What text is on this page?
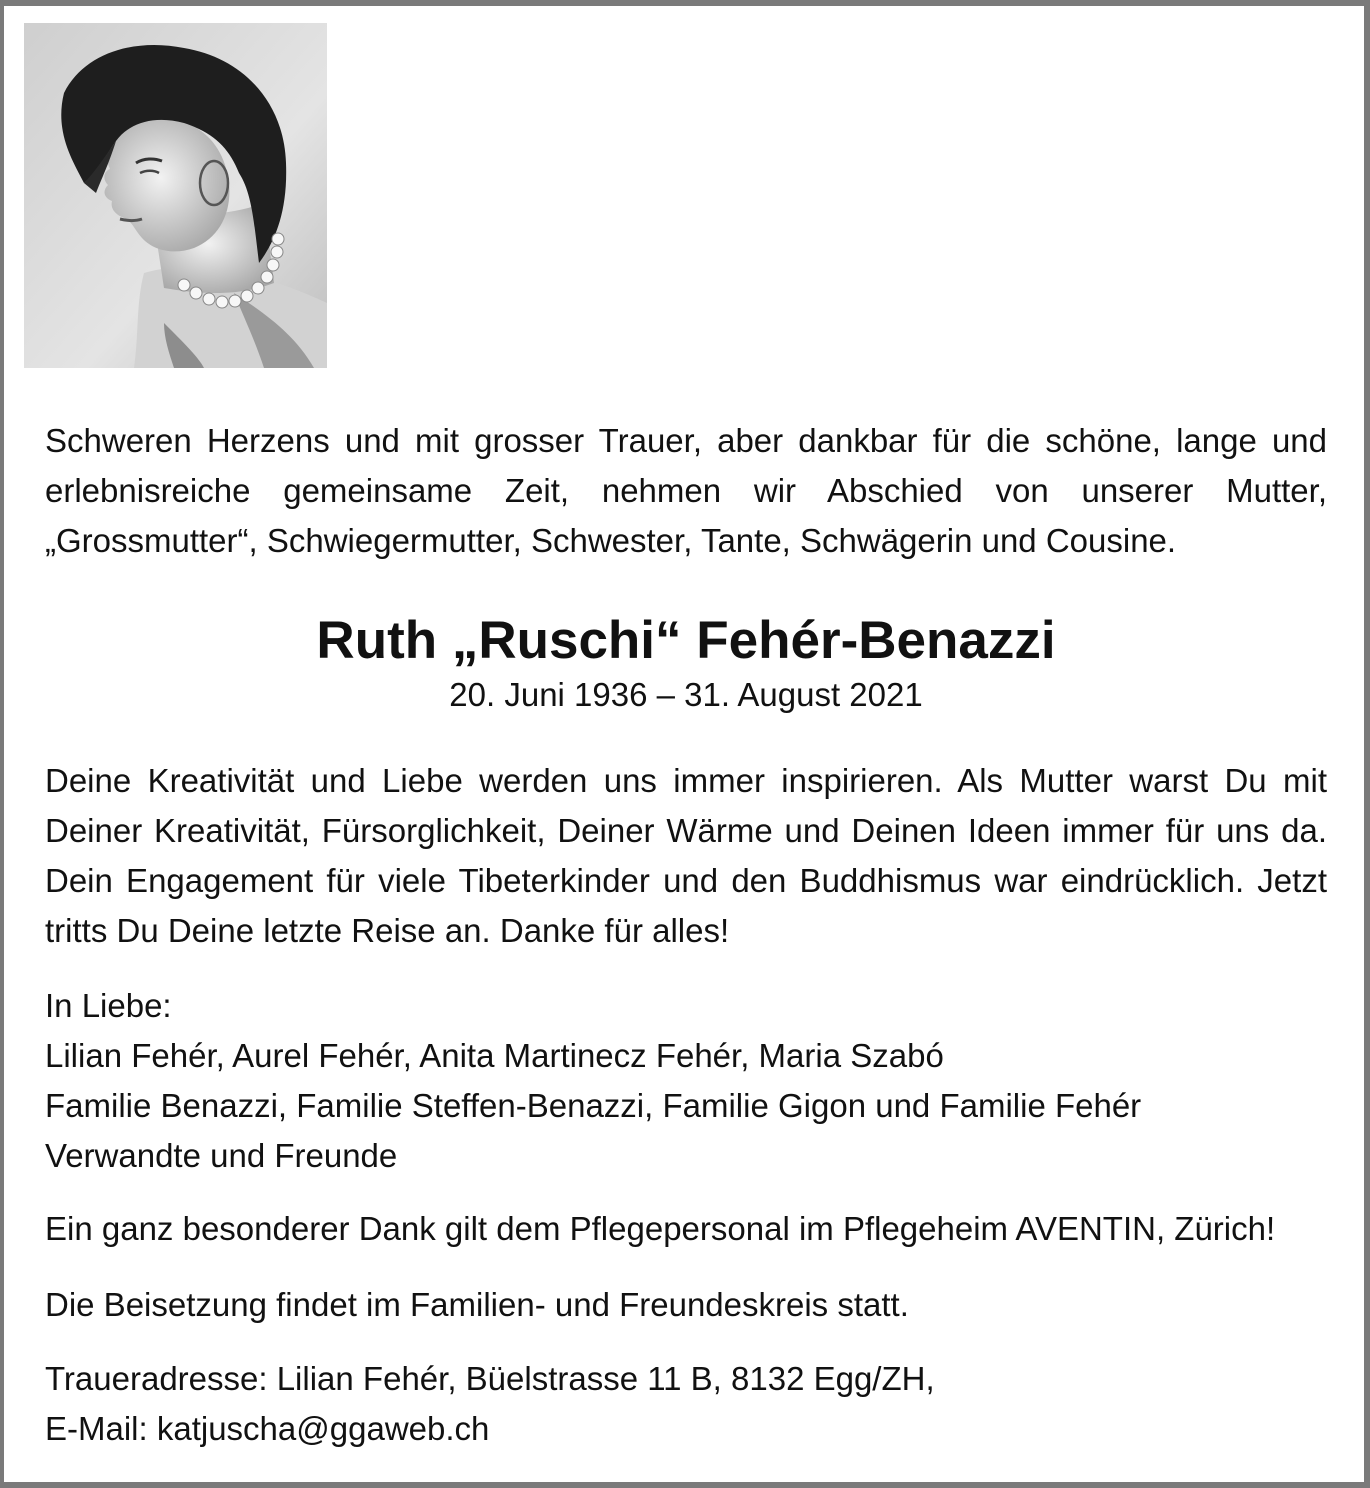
Schweren Herzens und mit grosser Trauer, aber dankbar für die schöne, lange und erlebnisreiche gemeinsame Zeit, nehmen wir Abschied von unserer Mutter, „Grossmutter“, Schwiegermutter, Schwester, Tante, Schwägerin und Cousine.
Ruth „Ruschi“ Fehér-Benazzi
20. Juni 1936 – 31. August 2021
Deine Kreativität und Liebe werden uns immer inspirieren. Als Mutter warst Du mit Deiner Kreativität, Fürsorglichkeit, Deiner Wärme und Deinen Ideen immer für uns da. Dein Engagement für viele Tibeterkinder und den Buddhismus war eindrücklich. Jetzt tritts Du Deine letzte Reise an. Danke für alles!
In Liebe:
Lilian Fehér, Aurel Fehér, Anita Martinecz Fehér, Maria Szabó
Familie Benazzi, Familie Steffen-Benazzi, Familie Gigon und Familie Fehér
Verwandte und Freunde
Ein ganz besonderer Dank gilt dem Pflegepersonal im Pflegeheim AVENTIN, Zürich!
Die Beisetzung findet im Familien- und Freundeskreis statt.
Traueradresse: Lilian Fehér, Büelstrasse 11 B, 8132 Egg/ZH,
E-Mail: katjuscha@ggaweb.ch
